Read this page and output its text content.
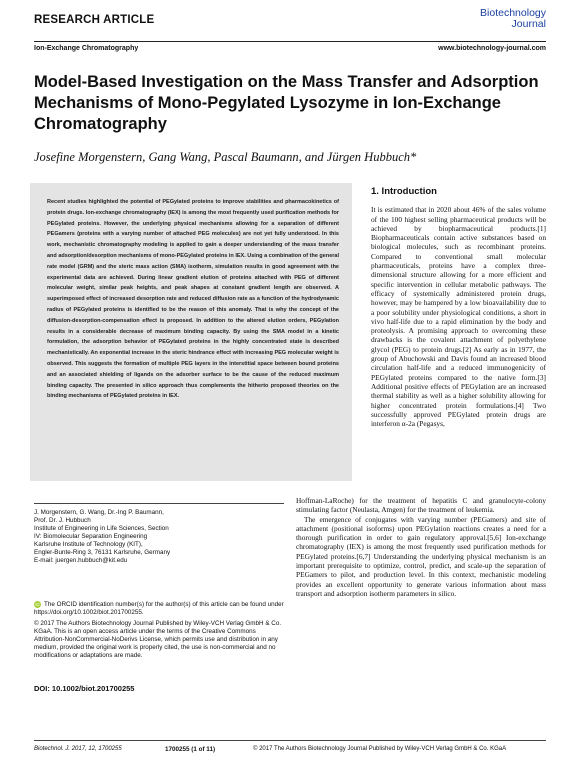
RESEARCH ARTICLE
Biotechnology
Journal
Ion-Exchange Chromatography	www.biotechnology-journal.com
Model-Based Investigation on the Mass Transfer and Adsorption Mechanisms of Mono-Pegylated Lysozyme in Ion-Exchange Chromatography
Josefine Morgenstern, Gang Wang, Pascal Baumann, and Jürgen Hubbuch*
Recent studies highlighted the potential of PEGylated proteins to improve stabilities and pharmacokinetics of protein drugs. Ion-exchange chromatography (IEX) is among the most frequently used purification methods for PEGylated proteins. However, the underlying physical mechanisms allowing for a separation of different PEGamers (proteins with a varying number of attached PEG molecules) are not yet fully understood. In this work, mechanistic chromatography modeling is applied to gain a deeper understanding of the mass transfer and adsorption/desorption mechanisms of mono-PEGylated proteins in IEX. Using a combination of the general rate model (GRM) and the steric mass action (SMA) isotherm, simulation results in good agreement with the experimental data are achieved. During linear gradient elution of proteins attached with PEG of different molecular weight, similar peak heights, and peak shapes at constant gradient length are observed. A superimposed effect of increased desorption rate and reduced diffusion rate as a function of the hydrodynamic radius of PEGylated proteins is identified to be the reason of this anomaly. That is why the concept of the diffusion-desorption-compensation effect is proposed. In addition to the altered elution orders, PEGylation results in a considerable decrease of maximum binding capacity. By using the SMA model in a kinetic formulation, the adsorption behavior of PEGylated proteins in the highly concentrated state is described mechanistically. An exponential increase in the steric hindrance effect with increasing PEG molecular weight is observed. This suggests the formation of multiple PEG layers in the interstitial space between bound proteins and an associated shielding of ligands on the adsorber surface to be the cause of the reduced maximum binding capacity. The presented in silico approach thus complements the hitherto proposed theories on the binding mechanisms of PEGylated proteins in IEX.
1. Introduction

It is estimated that in 2020 about 46% of the sales volume of the 100 highest selling pharmaceutical products will be achieved by biopharmaceutical products.[1] Biopharmaceuticals contain active substances based on biological molecules, such as recombinant proteins. Compared to conventional small molecular pharmaceuticals, proteins have a complex three-dimensional structure allowing for a more efficient and specific intervention in cellular metabolic pathways. The efficacy of systemically administered protein drugs, however, may be hampered by a low bioavailability due to a poor solubility under physiological conditions, a short in vivo half-life due to a rapid elimination by the body and proteolysis. A promising approach to overcoming these drawbacks is the covalent attachment of polyethylene glycol (PEG) to protein drugs.[2] As early as in 1977, the group of Abuchowski and Davis found an increased blood circulation half-life and a reduced immunogenicity of PEGylated proteins compared to the native form.[3] Additional positive effects of PEGylation are an increased thermal stability as well as a higher solubility allowing for higher concentrated protein formulations.[4] Two successfully approved PEGylated protein drugs are interferon α-2a (Pegasys,

Hoffman-LaRoche) for the treatment of hepatitis C and granulocyte-colony stimulating factor (Neulasta, Amgen) for the treatment of leukemia.

The emergence of conjugates with varying number (PEGamers) and site of attachment (positional isoforms) upon PEGylation reactions creates a need for a thorough purification in order to gain regulatory approval.[5,6] Ion-exchange chromatography (IEX) is among the most frequently used purification methods for PEGylated proteins.[6,7] Understanding the underlying physical mechanism is an important prerequisite to optimize, control, predict, and scale-up the separation of PEGamers to pilot, and production level. In this context, mechanistic modeling provides an excellent opportunity to generate various information about mass transport and adsorption isotherm parameters in silico.

J. Morgenstern, G. Wang, Dr.-Ing P. Baumann,
Prof. Dr. J. Hubbuch
Institute of Engineering in Life Sciences, Section
IV: Biomolecular Separation Engineering
Karlsruhe Institute of Technology (KIT),
Engler-Bunte-Ring 3, 76131 Karlsruhe, Germany
E-mail: juergen.hubbuch@kit.edu
iD The ORCID identification number(s) for the author(s) of this article can be found under https://doi.org/10.1002/biot.201700255.
© 2017 The Authors Biotechnology Journal Published by Wiley-VCH Verlag GmbH & Co. KGaA. This is an open access article under the terms of the Creative Commons Attribution-NonCommercial-NoDerivs License, which permits use and distribution in any medium, provided the original work is properly cited, the use is non-commercial and no modifications or adaptations are made.
DOI: 10.1002/biot.201700255
Biotechnol. J. 2017, 12, 1700255	1700255 (1 of 11)	© 2017 The Authors Biotechnology Journal Published by Wiley-VCH Verlag GmbH & Co. KGaA
